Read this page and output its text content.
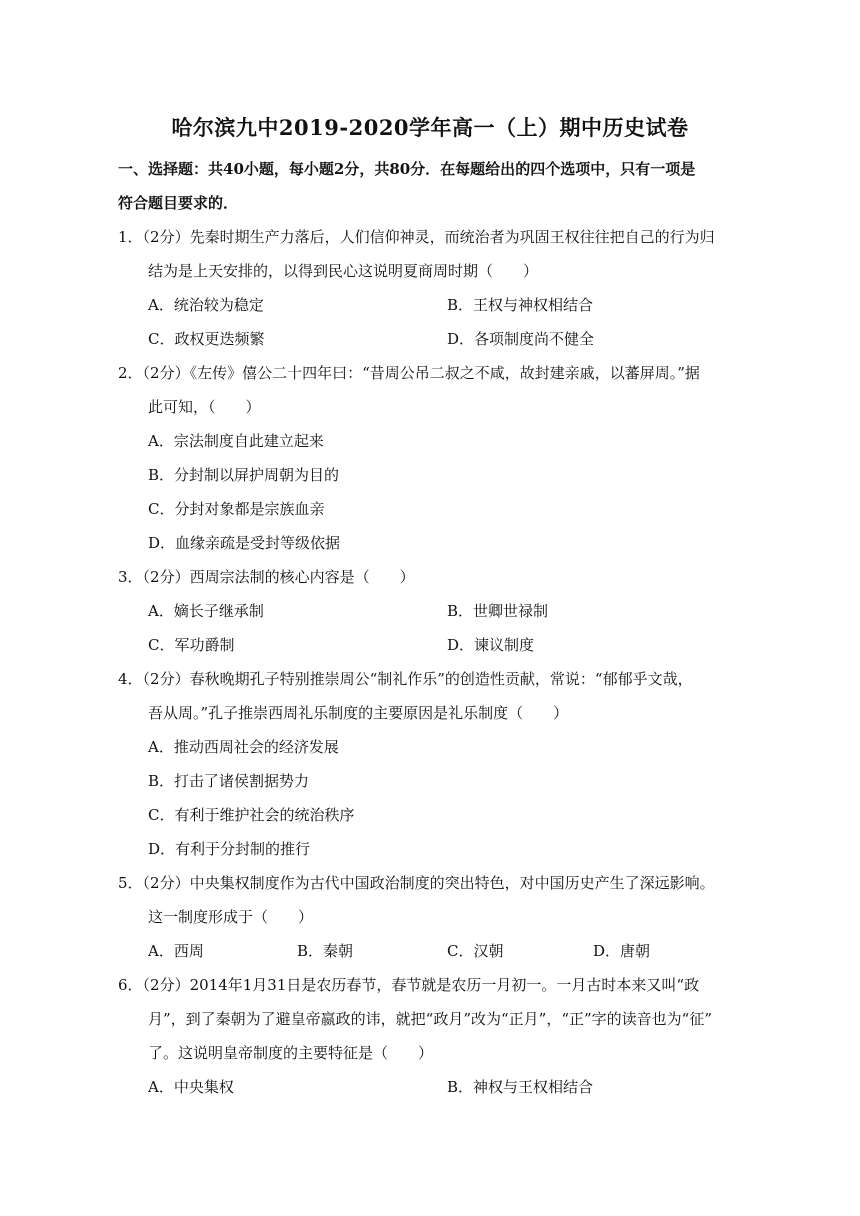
哈尔滨九中2019-2020学年高一（上）期中历史试卷
一、选择题：共40小题，每小题2分，共80分．在每题给出的四个选项中，只有一项是
符合题目要求的．
1．（2分）先秦时期生产力落后，人们信仰神灵，而统治者为巩固王权往往把自己的行为归
结为是上天安排的，以得到民心这说明夏商周时期（　　）
A．统治较为稳定	B．王权与神权相结合
C．政权更迭频繁	D．各项制度尚不健全
2．（2分）《左传》僖公二十四年曰：“昔周公吊二叔之不咸，故封建亲戚，以蕃屏周。”据
此可知，（　　）
A．宗法制度自此建立起来
B．分封制以屏护周朝为目的
C．分封对象都是宗族血亲
D．血缘亲疏是受封等级依据
3．（2分）西周宗法制的核心内容是（　　）
A．嫡长子继承制	B．世卿世禄制
C．军功爵制	D．谏议制度
4．（2分）春秋晚期孔子特别推崇周公“制礼作乐”的创造性贡献，常说：“郁郁乎文哉，
吾从周。”孔子推崇西周礼乐制度的主要原因是礼乐制度（　　）
A．推动西周社会的经济发展
B．打击了诸侯割据势力
C．有利于维护社会的统治秩序
D．有利于分封制的推行
5．（2分）中央集权制度作为古代中国政治制度的突出特色，对中国历史产生了深远影响。
这一制度形成于（　　）
A．西周	B．秦朝	C．汉朝	D．唐朝
6．（2分）2014年1月31日是农历春节，春节就是农历一月初一。一月古时本来又叫“政
月”，到了秦朝为了避皇帝嬴政的讳，就把“政月”改为“正月”，“正”字的读音也为“征”
了。这说明皇帝制度的主要特征是（　　）
A．中央集权	B．神权与王权相结合
